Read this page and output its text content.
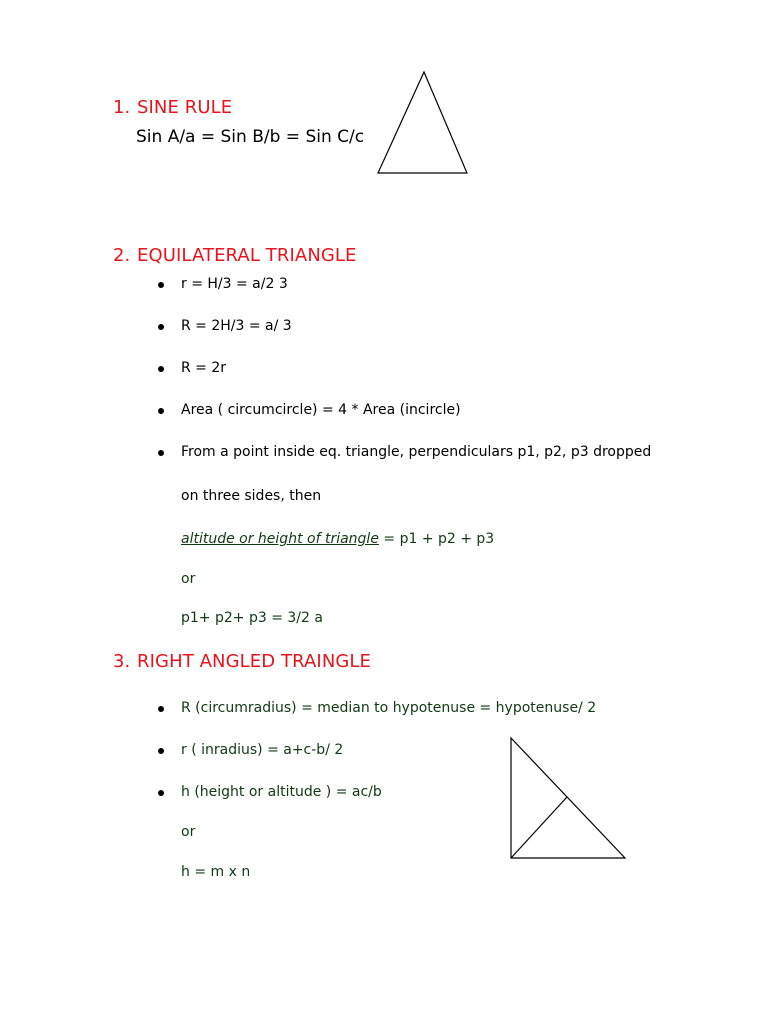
1. SINE RULE
Sin A/a = Sin B/b = Sin C/c
2. EQUILATERAL TRIANGLE
r = H/3 = a/2 3
R = 2H/3 = a/ 3
R = 2r
Area ( circumcircle) = 4 * Area (incircle)
From a point inside eq. triangle, perpendiculars p1, p2, p3 dropped
on three sides, then
altitude or height of triangle = p1 + p2 + p3
or
p1+ p2+ p3 = 3/2 a
3. RIGHT ANGLED TRAINGLE
R (circumradius) = median to hypotenuse = hypotenuse/ 2
r ( inradius) = a+c-b/ 2
h (height or altitude ) = ac/b
or
h = m x n
